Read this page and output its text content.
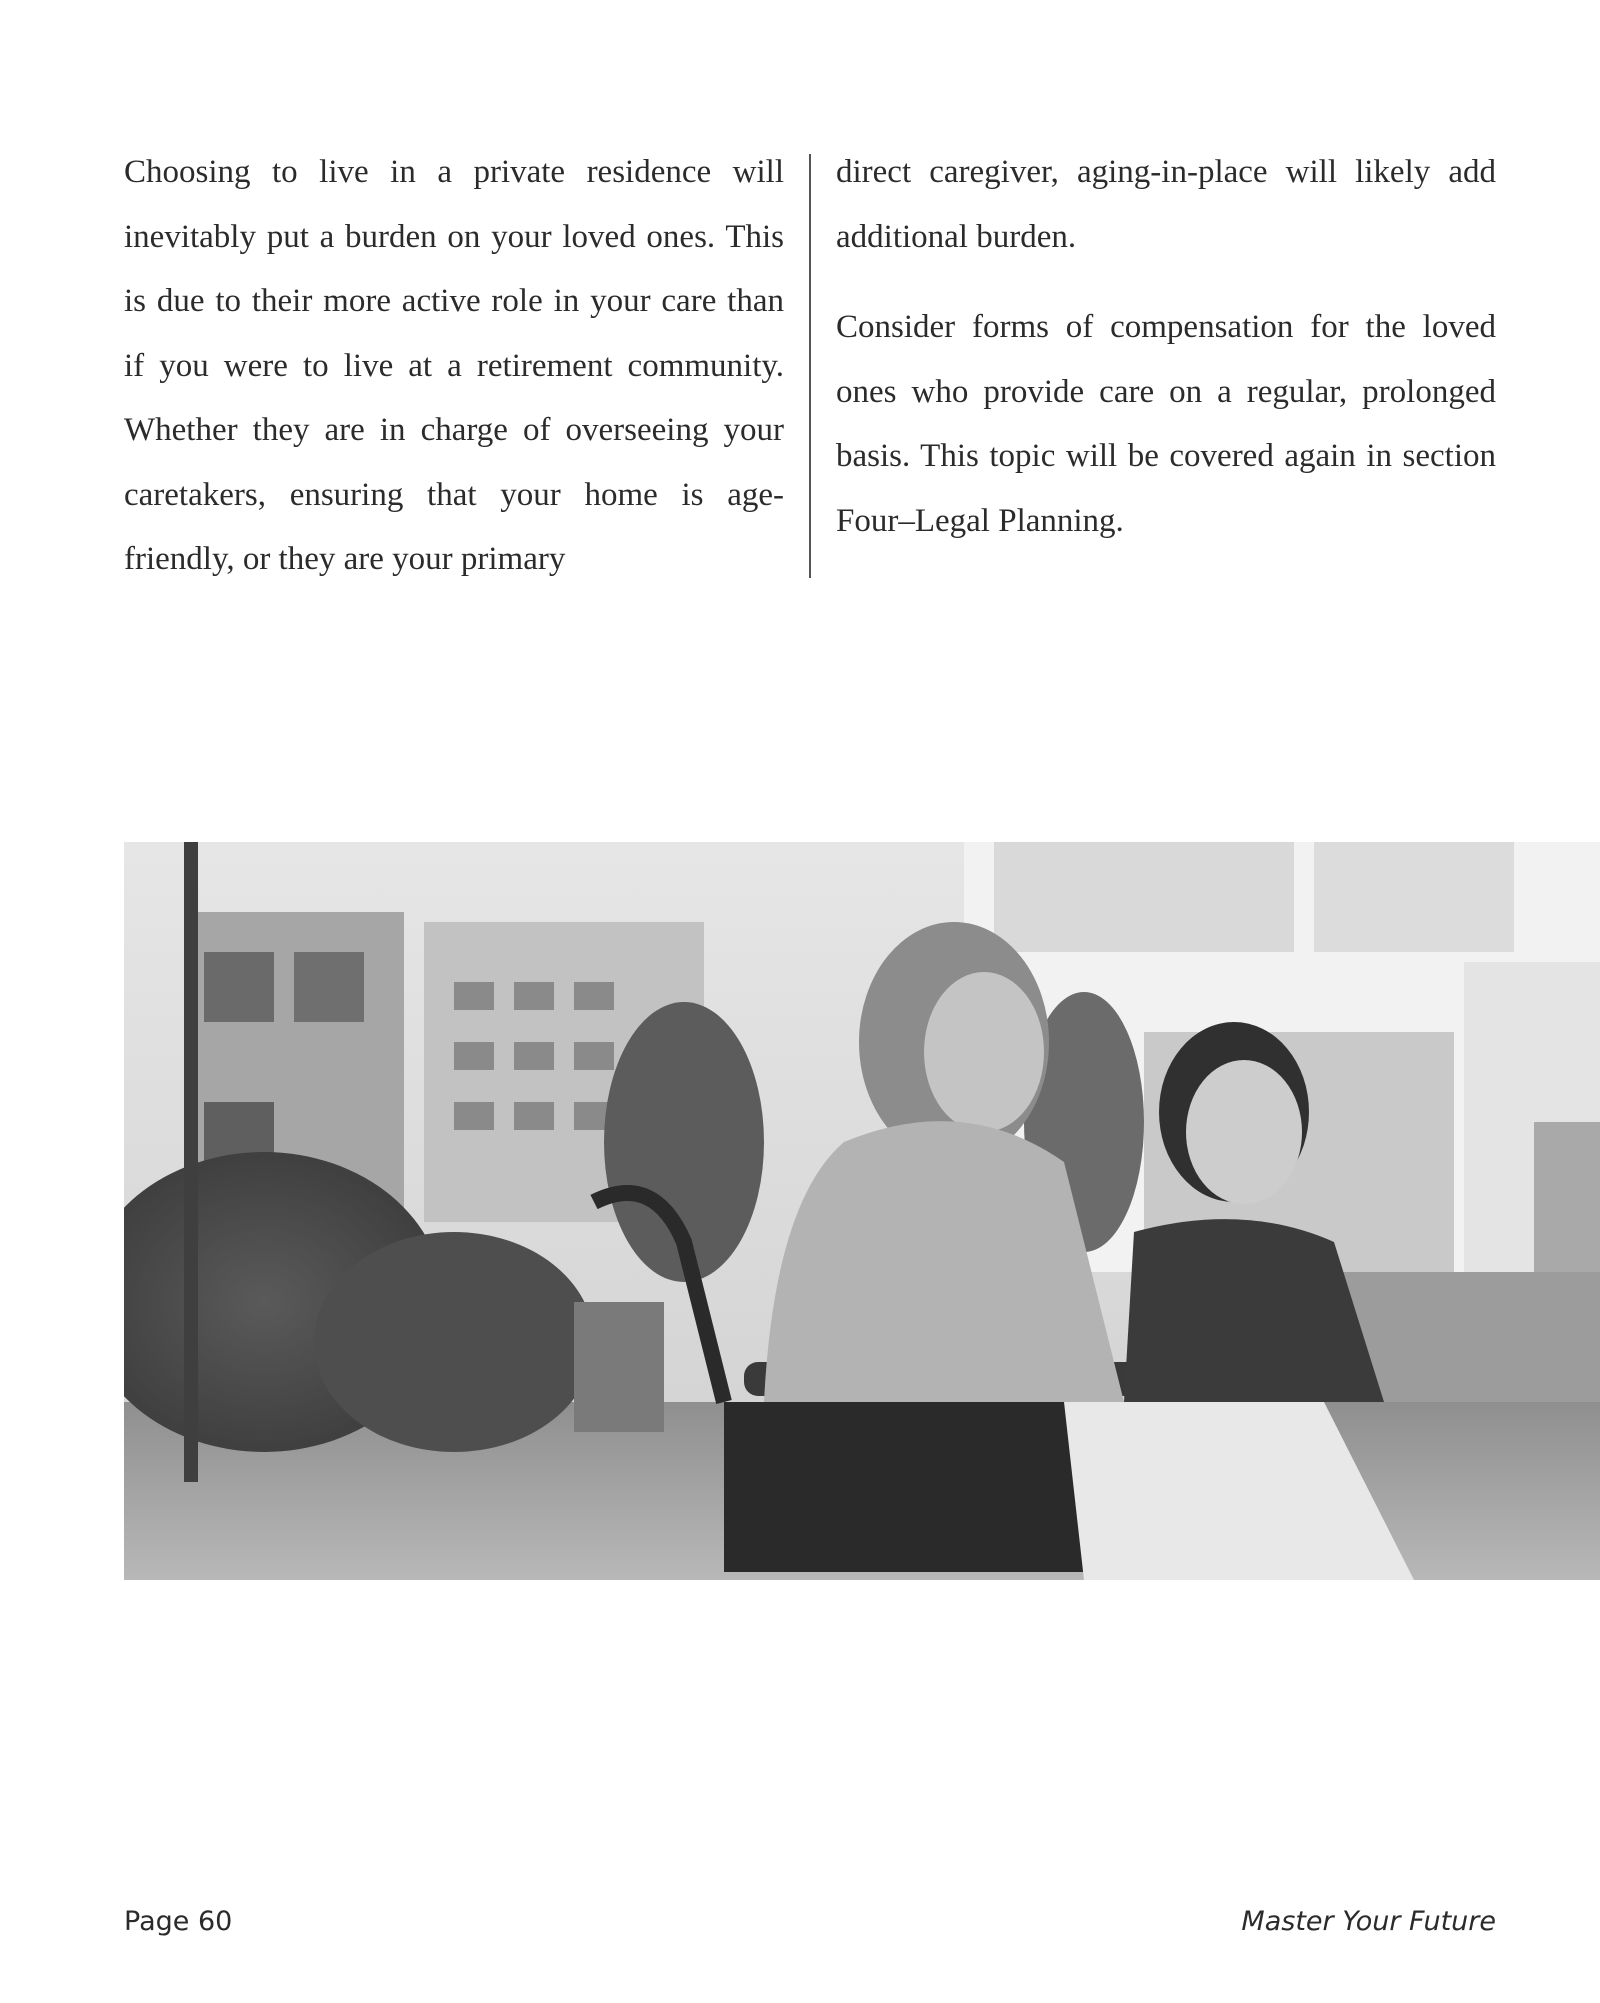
Choosing to live in a private residence will inevitably put a burden on your loved ones. This is due to their more active role in your care than if you were to live at a retirement community. Whether they are in charge of overseeing your caretakers, ensuring that your home is age-friendly, or they are your primary

direct caregiver, aging-in-place will likely add additional burden.

Consider forms of compensation for the loved ones who provide care on a regular, prolonged basis. This topic will be covered again in section Four–Legal Planning.

Page 60	Master Your Future
